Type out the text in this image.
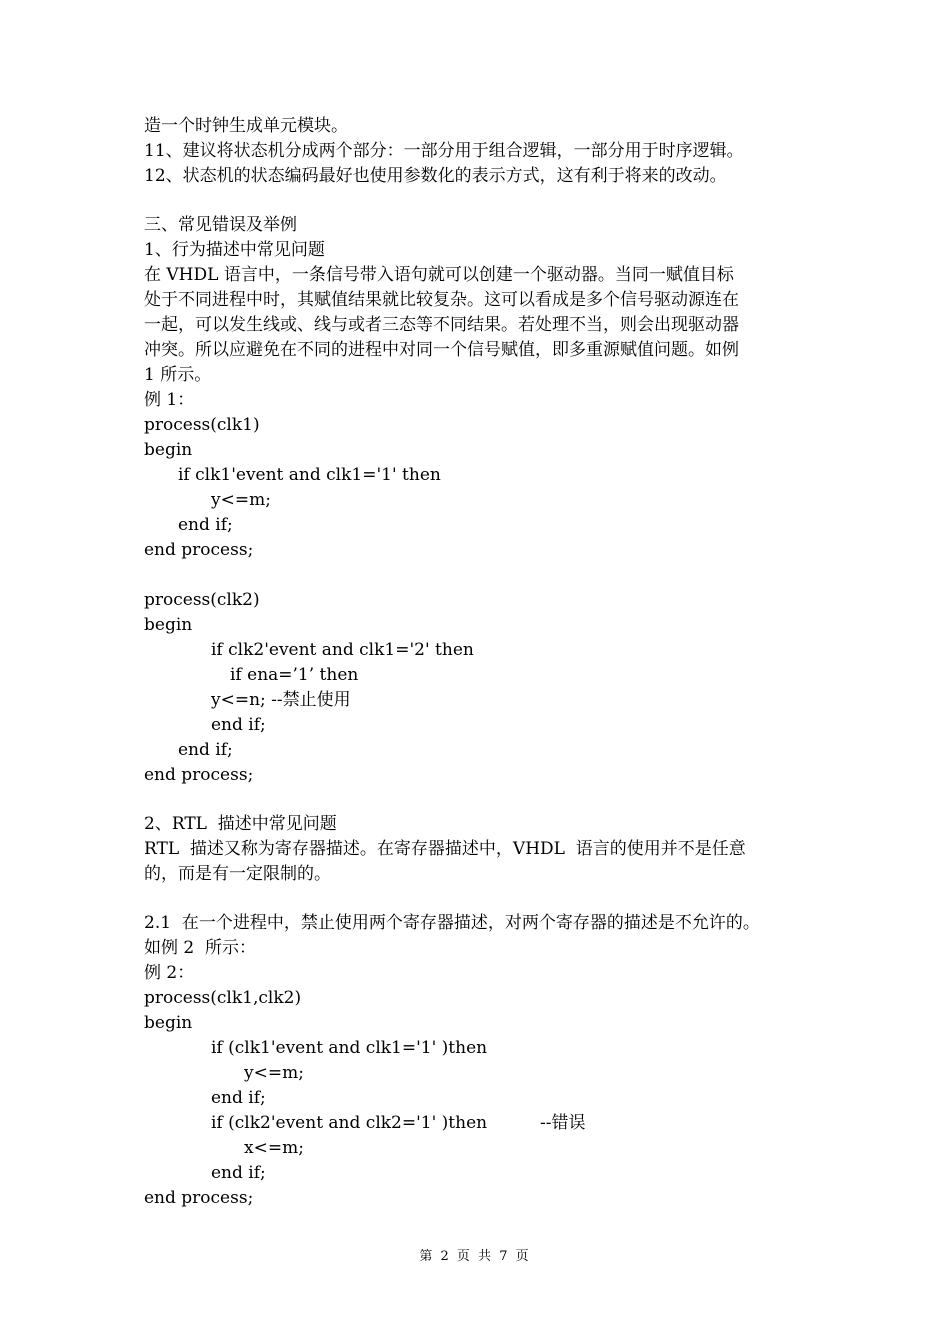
造一个时钟生成单元模块。
11、建议将状态机分成两个部分：一部分用于组合逻辑，一部分用于时序逻辑。
12、状态机的状态编码最好也使用参数化的表示方式，这有利于将来的改动。
三、常见错误及举例
1、行为描述中常见问题
在 VHDL 语言中，一条信号带入语句就可以创建一个驱动器。当同一赋值目标
处于不同进程中时，其赋值结果就比较复杂。这可以看成是多个信号驱动源连在
一起，可以发生线或、线与或者三态等不同结果。若处理不当，则会出现驱动器
冲突。所以应避免在不同的进程中对同一个信号赋值，即多重源赋值问题。如例
1 所示。
例 1：
process(clk1)
begin
if clk1'event and clk1='1' then
y<=m;
end if;
end process;
process(clk2)
begin
if clk2'event and clk1='2' then
if ena=’1’ then
y<=n; --禁止使用
end if;
end if;
end process;
2、RTL  描述中常见问题
RTL  描述又称为寄存器描述。在寄存器描述中，VHDL  语言的使用并不是任意
的，而是有一定限制的。
2.1  在一个进程中，禁止使用两个寄存器描述，对两个寄存器的描述是不允许的。
如例 2  所示：
例 2：
process(clk1,clk2)
begin
if (clk1'event and clk1='1' )then
y<=m;
end if;
if (clk2'event and clk2='1' )then	--错误
x<=m;
end if;
end process;
第 2 页 共 7 页
